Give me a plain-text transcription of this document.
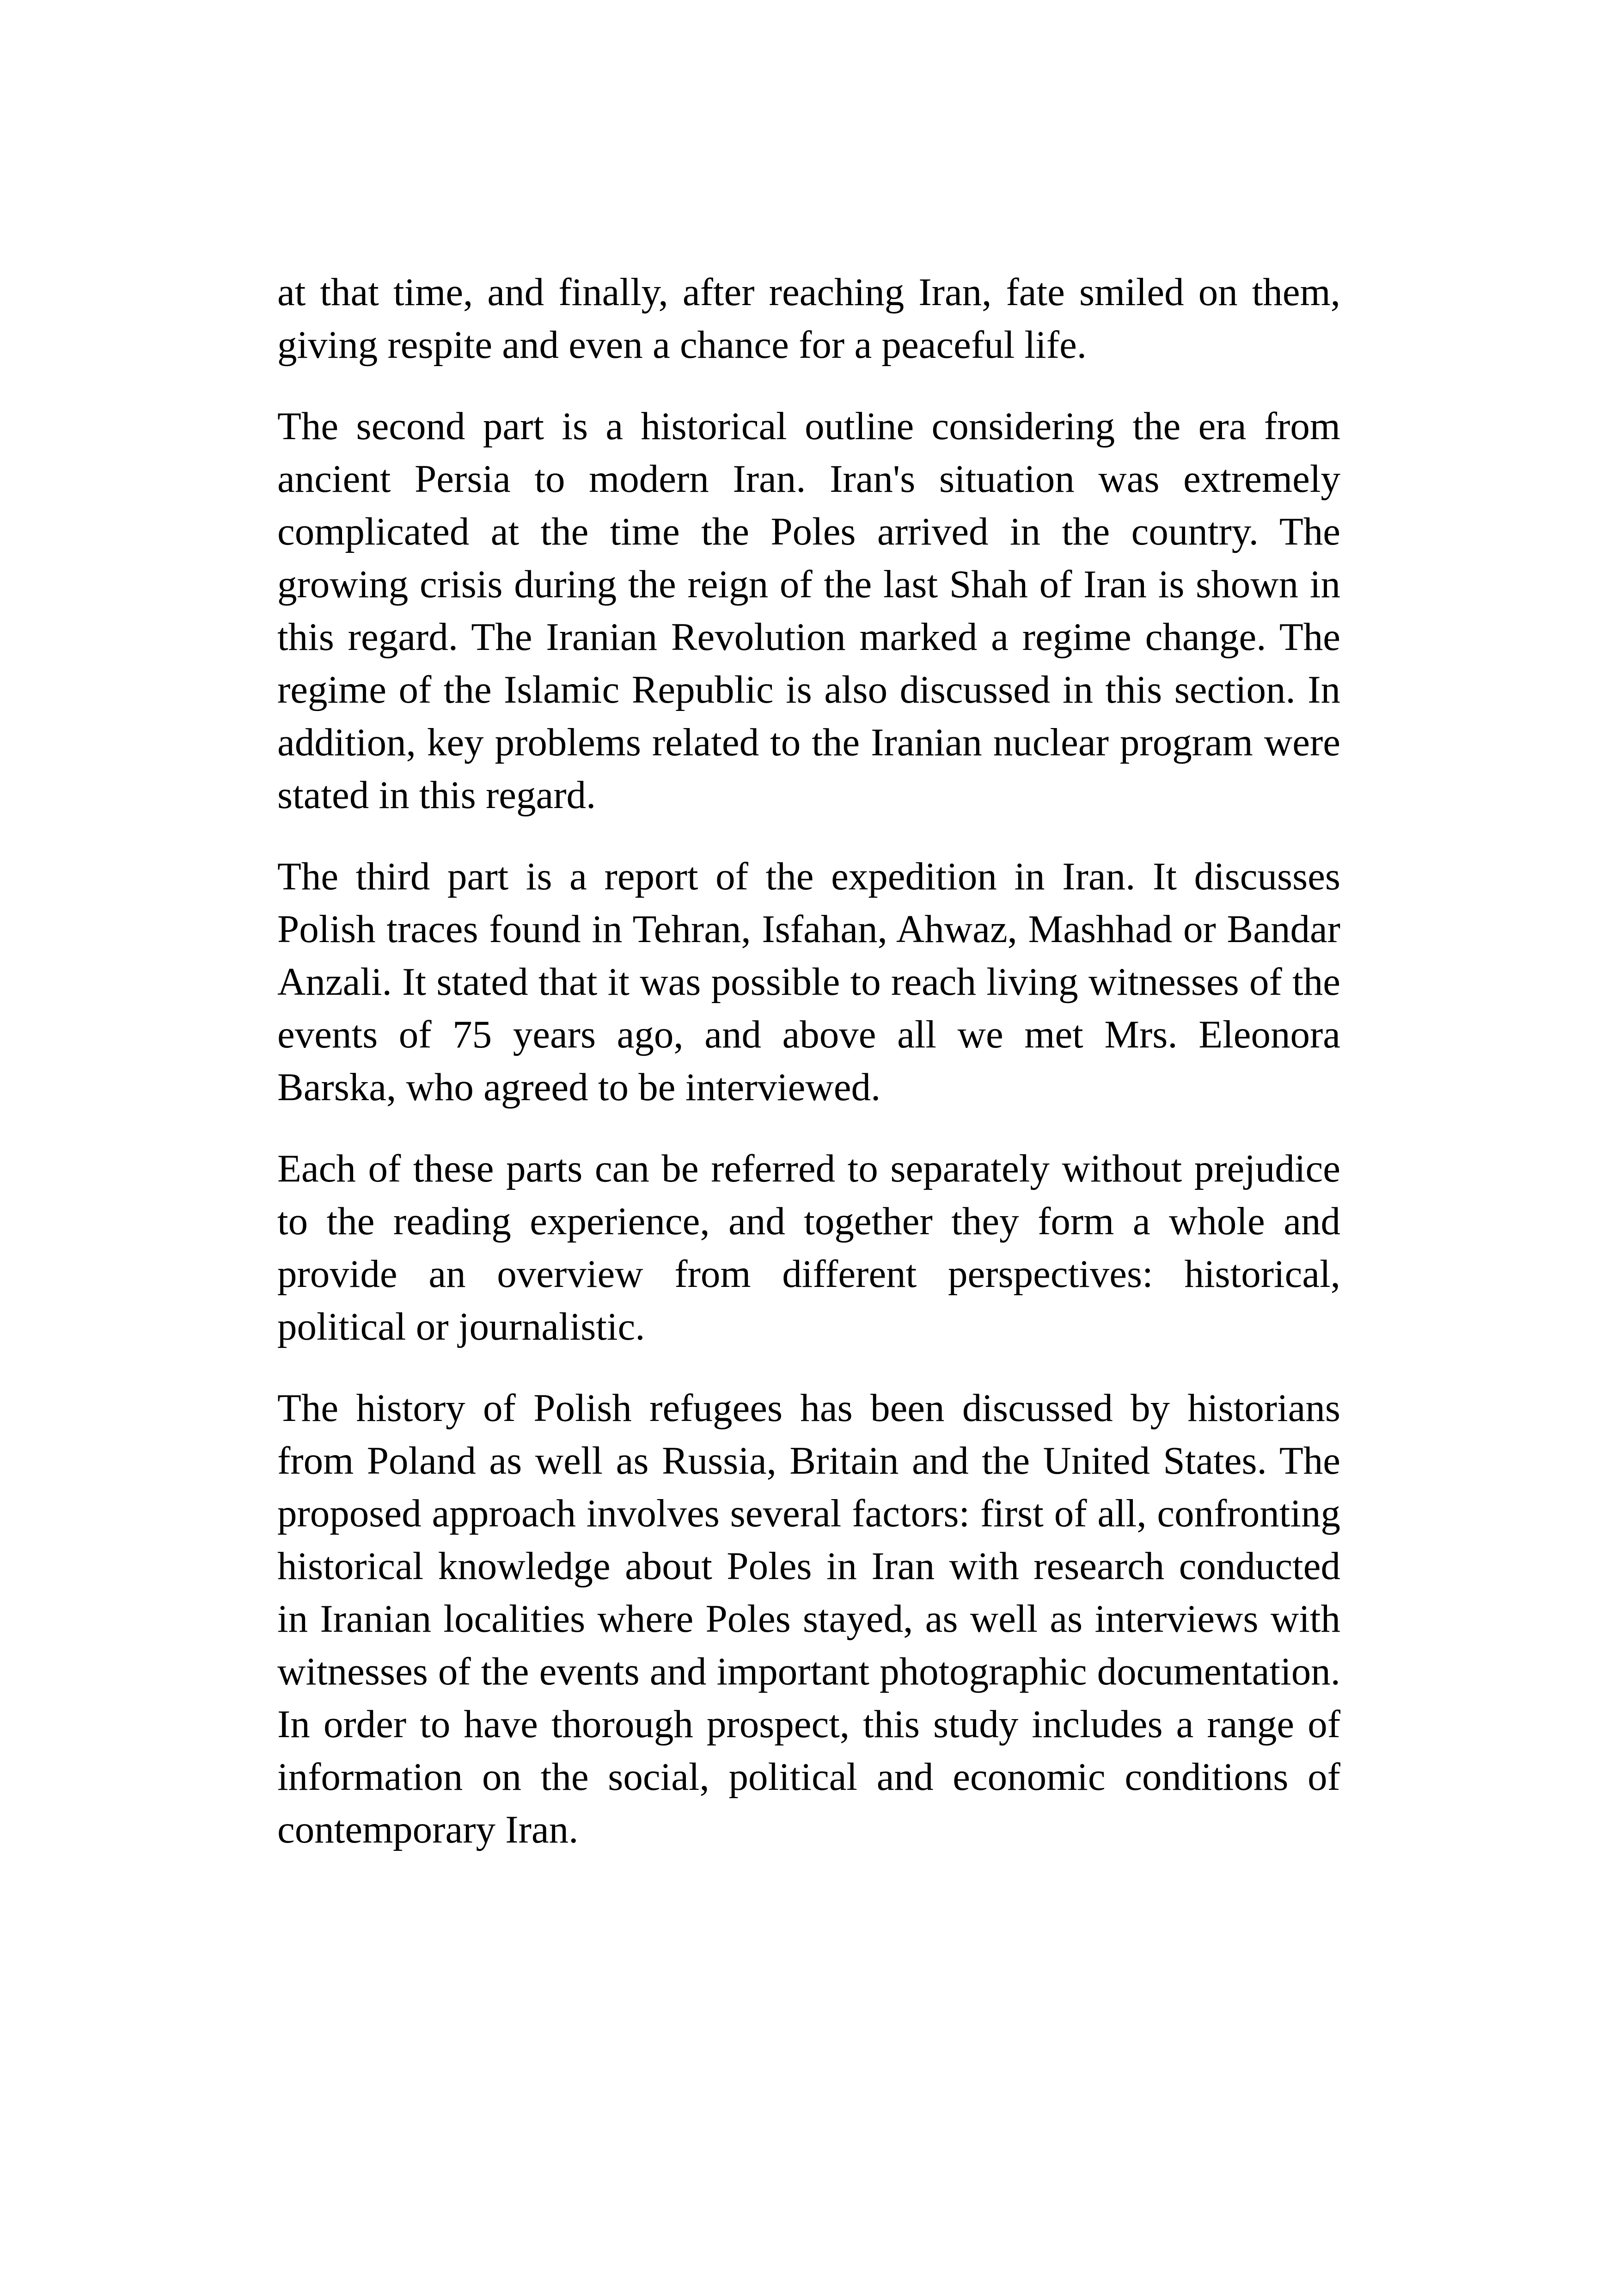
at that time, and finally, after reaching Iran, fate smiled on them, giving respite and even a chance for a peaceful life.

The second part is a historical outline considering the era from ancient Persia to modern Iran. Iran's situation was extremely complicated at the time the Poles arrived in the country. The growing crisis during the reign of the last Shah of Iran is shown in this regard. The Iranian Revolution marked a regime change. The regime of the Islamic Republic is also discussed in this section. In addition, key problems related to the Iranian nuclear program were stated in this regard.

The third part is a report of the expedition in Iran. It discusses Polish traces found in Tehran, Isfahan, Ahwaz, Mashhad or Bandar Anzali. It stated that it was possible to reach living witnesses of the events of 75 years ago, and above all we met Mrs. Eleonora Barska, who agreed to be interviewed.

Each of these parts can be referred to separately without prejudice to the reading experience, and together they form a whole and provide an overview from different perspectives: historical, political or journalistic.

The history of Polish refugees has been discussed by historians from Poland as well as Russia, Britain and the United States. The proposed approach involves several factors: first of all, confronting historical knowledge about Poles in Iran with research conducted in Iranian localities where Poles stayed, as well as interviews with witnesses of the events and important photographic documentation. In order to have thorough prospect, this study includes a range of information on the social, political and economic conditions of contemporary Iran.
